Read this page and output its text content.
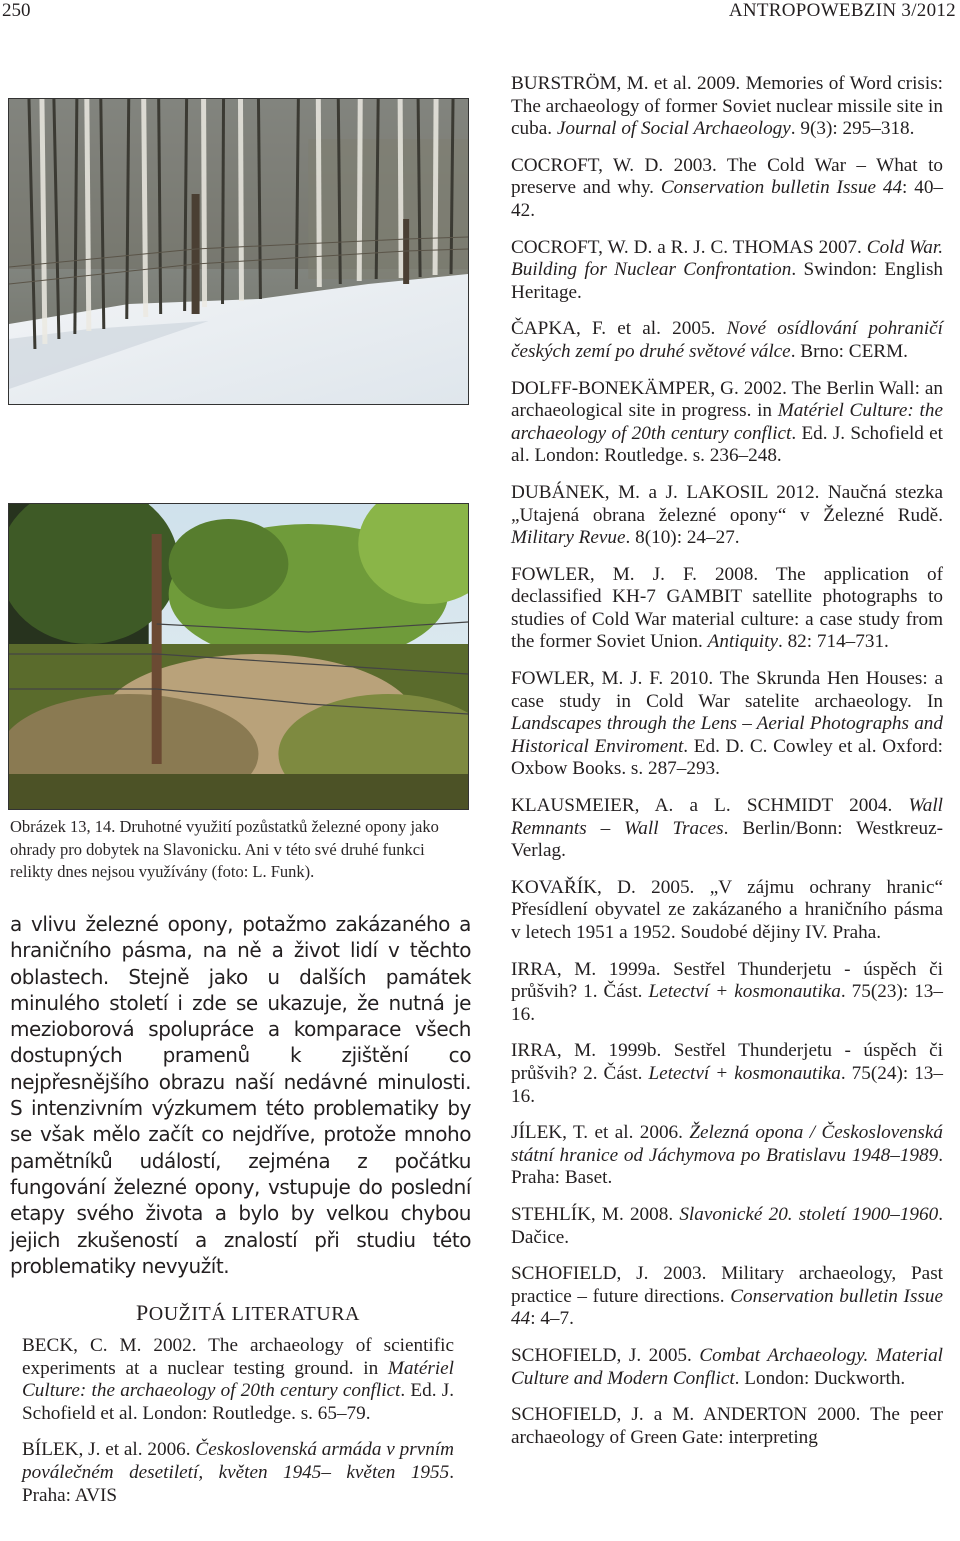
250	ANTROPOWEBZIN 3/2012
Obrázek 13, 14. Druhotné využití pozůstatků železné opony jako ohrady pro dobytek na Slavonicku. Ani v této své druhé funkci relikty dnes nejsou využívány (foto: L. Funk).

a vlivu železné opony, potažmo zakázaného a hraničního pásma, na ně a život lidí v těchto oblastech. Stejně jako u dalších památek minulého století i zde se ukazuje, že nutná je mezioborová spolupráce a komparace všech dostupných pramenů k zjištění co nejpřesnějšího obrazu naší nedávné minulosti. S intenzivním výzkumem této problematiky by se však mělo začít co nejdříve, protože mnoho pamětníků událostí, zejména z počátku fungování železné opony, vstupuje do poslední etapy svého života a bylo by velkou chybou jejich zkušeností a znalostí při studiu této problematiky nevyužít.

POUŽITÁ LITERATURA

BECK, C. M. 2002. The archaeology of scientific experiments at a nuclear testing ground. in Matériel Culture: the archaeology of 20th century conflict. Ed. J. Schofield et al. London: Routledge. s. 65–79.

BÍLEK, J. et al. 2006. Československá armáda v prvním poválečném desetiletí, květen 1945– květen 1955. Praha: AVIS

BURSTRÖM, M. et al. 2009. Memories of Word crisis: The archaeology of former Soviet nuclear missile site in cuba. Journal of Social Archaeology. 9(3): 295–318.

COCROFT, W. D. 2003. The Cold War – What to preserve and why. Conservation bulletin Issue 44: 40–42.

COCROFT, W. D. a R. J. C. THOMAS 2007. Cold War. Building for Nuclear Confrontation. Swindon: English Heritage.

ČAPKA, F. et al. 2005. Nové osídlování pohraničí českých zemí po druhé světové válce. Brno: CERM.

DOLFF-BONEKÄMPER, G. 2002. The Berlin Wall: an archaeological site in progress. in Matériel Culture: the archaeology of 20th century conflict. Ed. J. Schofield et al. London: Routledge. s. 236–248.

DUBÁNEK, M. a J. LAKOSIL 2012. Naučná stezka „Utajená obrana železné opony“ v Železné Rudě. Military Revue. 8(10): 24–27.

FOWLER, M. J. F. 2008. The application of declassified KH-7 GAMBIT satellite photographs to studies of Cold War material culture: a case study from the former Soviet Union. Antiquity. 82: 714–731.

FOWLER, M. J. F. 2010. The Skrunda Hen Houses: a case study in Cold War satelite archaeology. In Landscapes through the Lens – Aerial Photographs and Historical Enviroment. Ed. D. C. Cowley et al. Oxford: Oxbow Books. s. 287–293.

KLAUSMEIER, A. a L. SCHMIDT 2004. Wall Remnants – Wall Traces. Berlin/Bonn: Westkreuz-Verlag.

KOVAŘÍK, D. 2005. „V zájmu ochrany hranic“ Přesídlení obyvatel ze zakázaného a hraničního pásma v letech 1951 a 1952. Soudobé dějiny IV. Praha.

IRRA, M. 1999a. Sestřel Thunderjetu - úspěch či průšvih? 1. Část. Letectví + kosmonautika. 75(23): 13–16.

IRRA, M. 1999b. Sestřel Thunderjetu - úspěch či průšvih? 2. Část. Letectví + kosmonautika. 75(24): 13–16.

JÍLEK, T. et al. 2006. Železná opona / Československá státní hranice od Jáchymova po Bratislavu 1948–1989. Praha: Baset.

STEHLÍK, M. 2008. Slavonické 20. století 1900–1960. Dačice.

SCHOFIELD, J. 2003. Military archaeology, Past practice – future directions. Conservation bulletin Issue 44: 4–7.

SCHOFIELD, J. 2005. Combat Archaeology. Material Culture and Modern Conflict. London: Duckworth.

SCHOFIELD, J. a M. ANDERTON 2000. The peer archaeology of Green Gate: interpreting
